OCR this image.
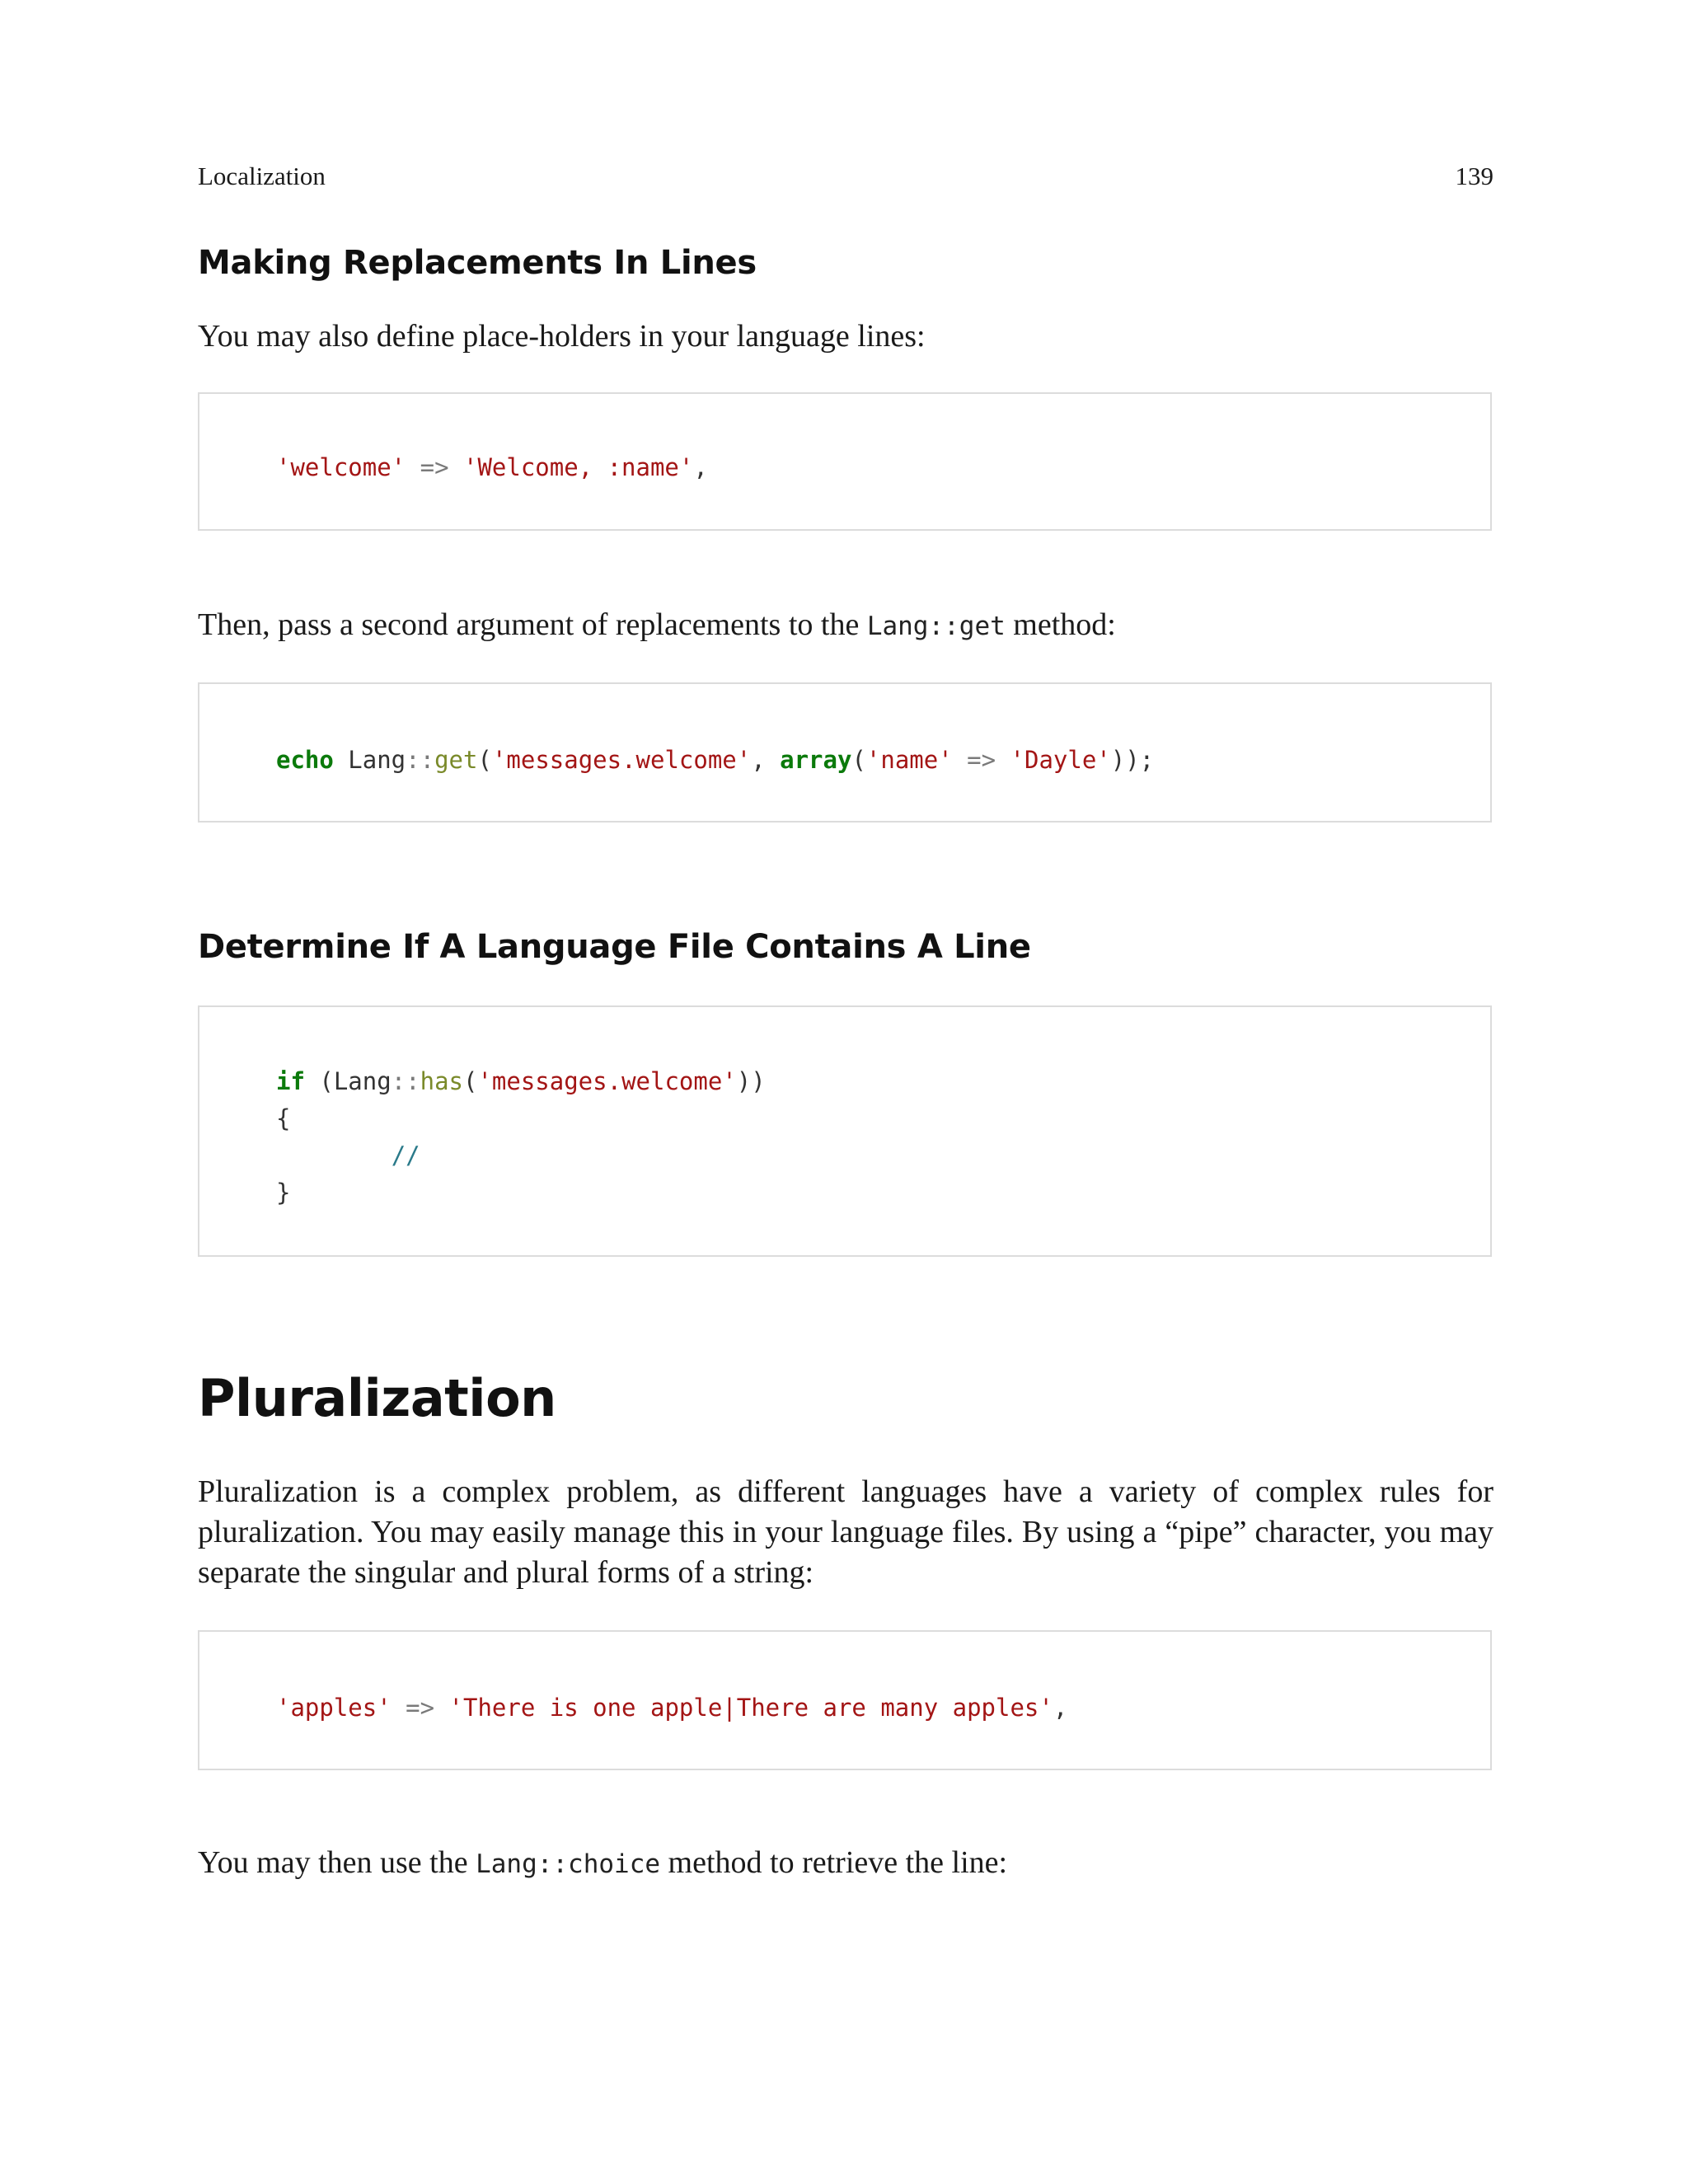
Localization	139
Making Replacements In Lines

You may also define place-holders in your language lines:

'welcome' => 'Welcome, :name',

Then, pass a second argument of replacements to the Lang::get method:

echo Lang::get('messages.welcome', array('name' => 'Dayle'));
Determine If A Language File Contains A Line
if (Lang::has('messages.welcome'))
{
//
}
Pluralization

Pluralization is a complex problem, as different languages have a variety of complex rules for pluralization. You may easily manage this in your language files. By using a “pipe” character, you may separate the singular and plural forms of a string:

'apples' => 'There is one apple|There are many apples',

You may then use the Lang::choice method to retrieve the line:
